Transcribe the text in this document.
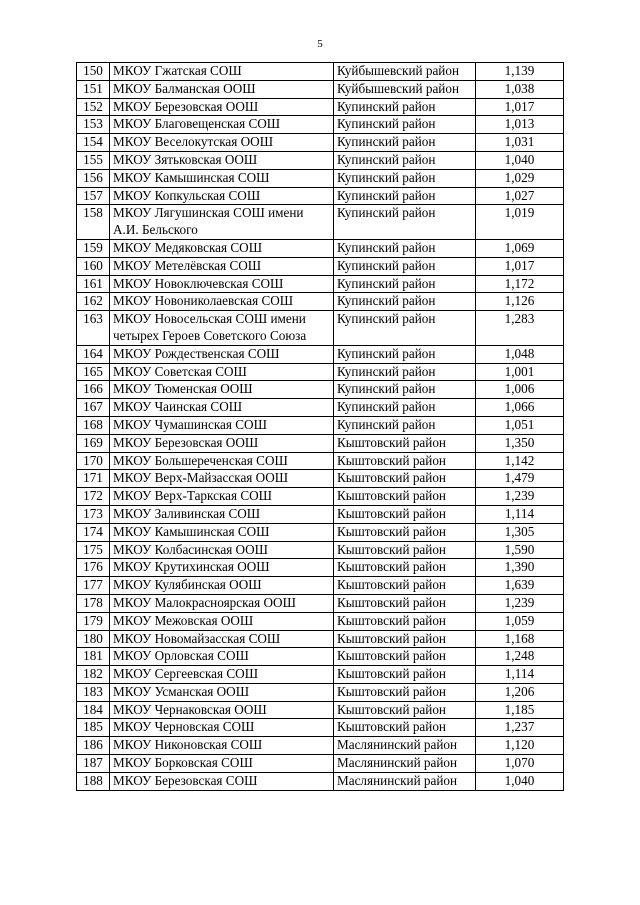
5
150	МКОУ Гжатская СОШ	Куйбышевский район	1,139
151	МКОУ Балманская ООШ	Куйбышевский район	1,038
152	МКОУ Березовская ООШ	Купинский район	1,017
153	МКОУ Благовещенская СОШ	Купинский район	1,013
154	МКОУ Веселокутская ООШ	Купинский район	1,031
155	МКОУ Зятьковская ООШ	Купинский район	1,040
156	МКОУ Камышинская СОШ	Купинский район	1,029
157	МКОУ Копкульская СОШ	Купинский район	1,027
158	МКОУ Лягушинская СОШ имени А.И. Бельского	Купинский район	1,019
159	МКОУ Медяковская СОШ	Купинский район	1,069
160	МКОУ Метелёвская СОШ	Купинский район	1,017
161	МКОУ Новоключевская СОШ	Купинский район	1,172
162	МКОУ Новониколаевская СОШ	Купинский район	1,126
163	МКОУ Новосельская СОШ имени четырех Героев Советского Союза	Купинский район	1,283
164	МКОУ Рождественская СОШ	Купинский район	1,048
165	МКОУ Советская СОШ	Купинский район	1,001
166	МКОУ Тюменская ООШ	Купинский район	1,006
167	МКОУ Чаинская СОШ	Купинский район	1,066
168	МКОУ Чумашинская СОШ	Купинский район	1,051
169	МКОУ Березовская ООШ	Кыштовский район	1,350
170	МКОУ Большереченская СОШ	Кыштовский район	1,142
171	МКОУ Верх-Майзасская ООШ	Кыштовский район	1,479
172	МКОУ Верх-Таркская СОШ	Кыштовский район	1,239
173	МКОУ Заливинская СОШ	Кыштовский район	1,114
174	МКОУ Камышинская СОШ	Кыштовский район	1,305
175	МКОУ Колбасинская ООШ	Кыштовский район	1,590
176	МКОУ Крутихинская ООШ	Кыштовский район	1,390
177	МКОУ Кулябинская ООШ	Кыштовский район	1,639
178	МКОУ Малокрасноярская ООШ	Кыштовский район	1,239
179	МКОУ Межовская ООШ	Кыштовский район	1,059
180	МКОУ Новомайзасская СОШ	Кыштовский район	1,168
181	МКОУ Орловская СОШ	Кыштовский район	1,248
182	МКОУ Сергеевская СОШ	Кыштовский район	1,114
183	МКОУ Усманская ООШ	Кыштовский район	1,206
184	МКОУ Чернаковская ООШ	Кыштовский район	1,185
185	МКОУ Черновская СОШ	Кыштовский район	1,237
186	МКОУ Никоновская СОШ	Маслянинский район	1,120
187	МКОУ Борковская СОШ	Маслянинский район	1,070
188	МКОУ Березовская СОШ	Маслянинский район	1,040
